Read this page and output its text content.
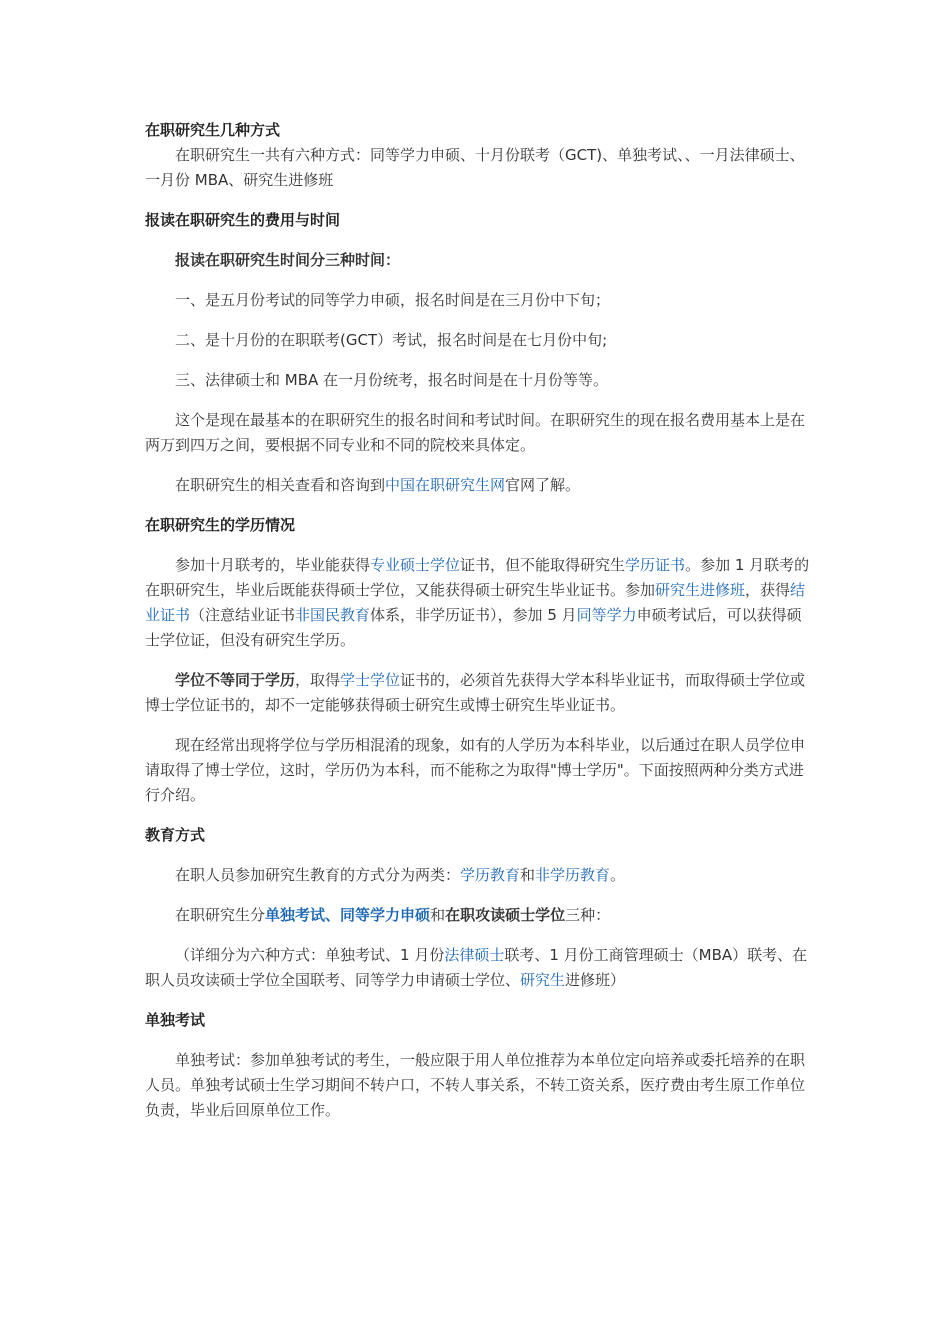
在职研究生几种方式

在职研究生一共有六种方式：同等学力申硕、十月份联考（GCT)、单独考试、、一月法律硕士、一月份 MBA、研究生进修班

报读在职研究生的费用与时间

报读在职研究生时间分三种时间：

一、是五月份考试的同等学力申硕，报名时间是在三月份中下旬；

二、是十月份的在职联考(GCT）考试，报名时间是在七月份中旬;

三、法律硕士和 MBA 在一月份统考，报名时间是在十月份等等。

这个是现在最基本的在职研究生的报名时间和考试时间。在职研究生的现在报名费用基本上是在两万到四万之间，要根据不同专业和不同的院校来具体定。

在职研究生的相关查看和咨询到中国在职研究生网官网了解。

在职研究生的学历情况

参加十月联考的，毕业能获得专业硕士学位证书，但不能取得研究生学历证书。参加 1 月联考的在职研究生，毕业后既能获得硕士学位，又能获得硕士研究生毕业证书。参加研究生进修班，获得结业证书（注意结业证书非国民教育体系，非学历证书），参加 5 月同等学力申硕考试后，可以获得硕士学位证，但没有研究生学历。

学位不等同于学历，取得学士学位证书的，必须首先获得大学本科毕业证书，而取得硕士学位或博士学位证书的，却不一定能够获得硕士研究生或博士研究生毕业证书。

现在经常出现将学位与学历相混淆的现象，如有的人学历为本科毕业，以后通过在职人员学位申请取得了博士学位，这时，学历仍为本科，而不能称之为取得"博士学历"。下面按照两种分类方式进行介绍。

教育方式

在职人员参加研究生教育的方式分为两类：学历教育和非学历教育。

在职研究生分单独考试、同等学力申硕和在职攻读硕士学位三种：

（详细分为六种方式：单独考试、1 月份法律硕士联考、1 月份工商管理硕士（MBA）联考、在职人员攻读硕士学位全国联考、同等学力申请硕士学位、研究生进修班）

单独考试

单独考试：参加单独考试的考生，一般应限于用人单位推荐为本单位定向培养或委托培养的在职人员。单独考试硕士生学习期间不转户口，不转人事关系，不转工资关系，医疗费由考生原工作单位负责，毕业后回原单位工作。
